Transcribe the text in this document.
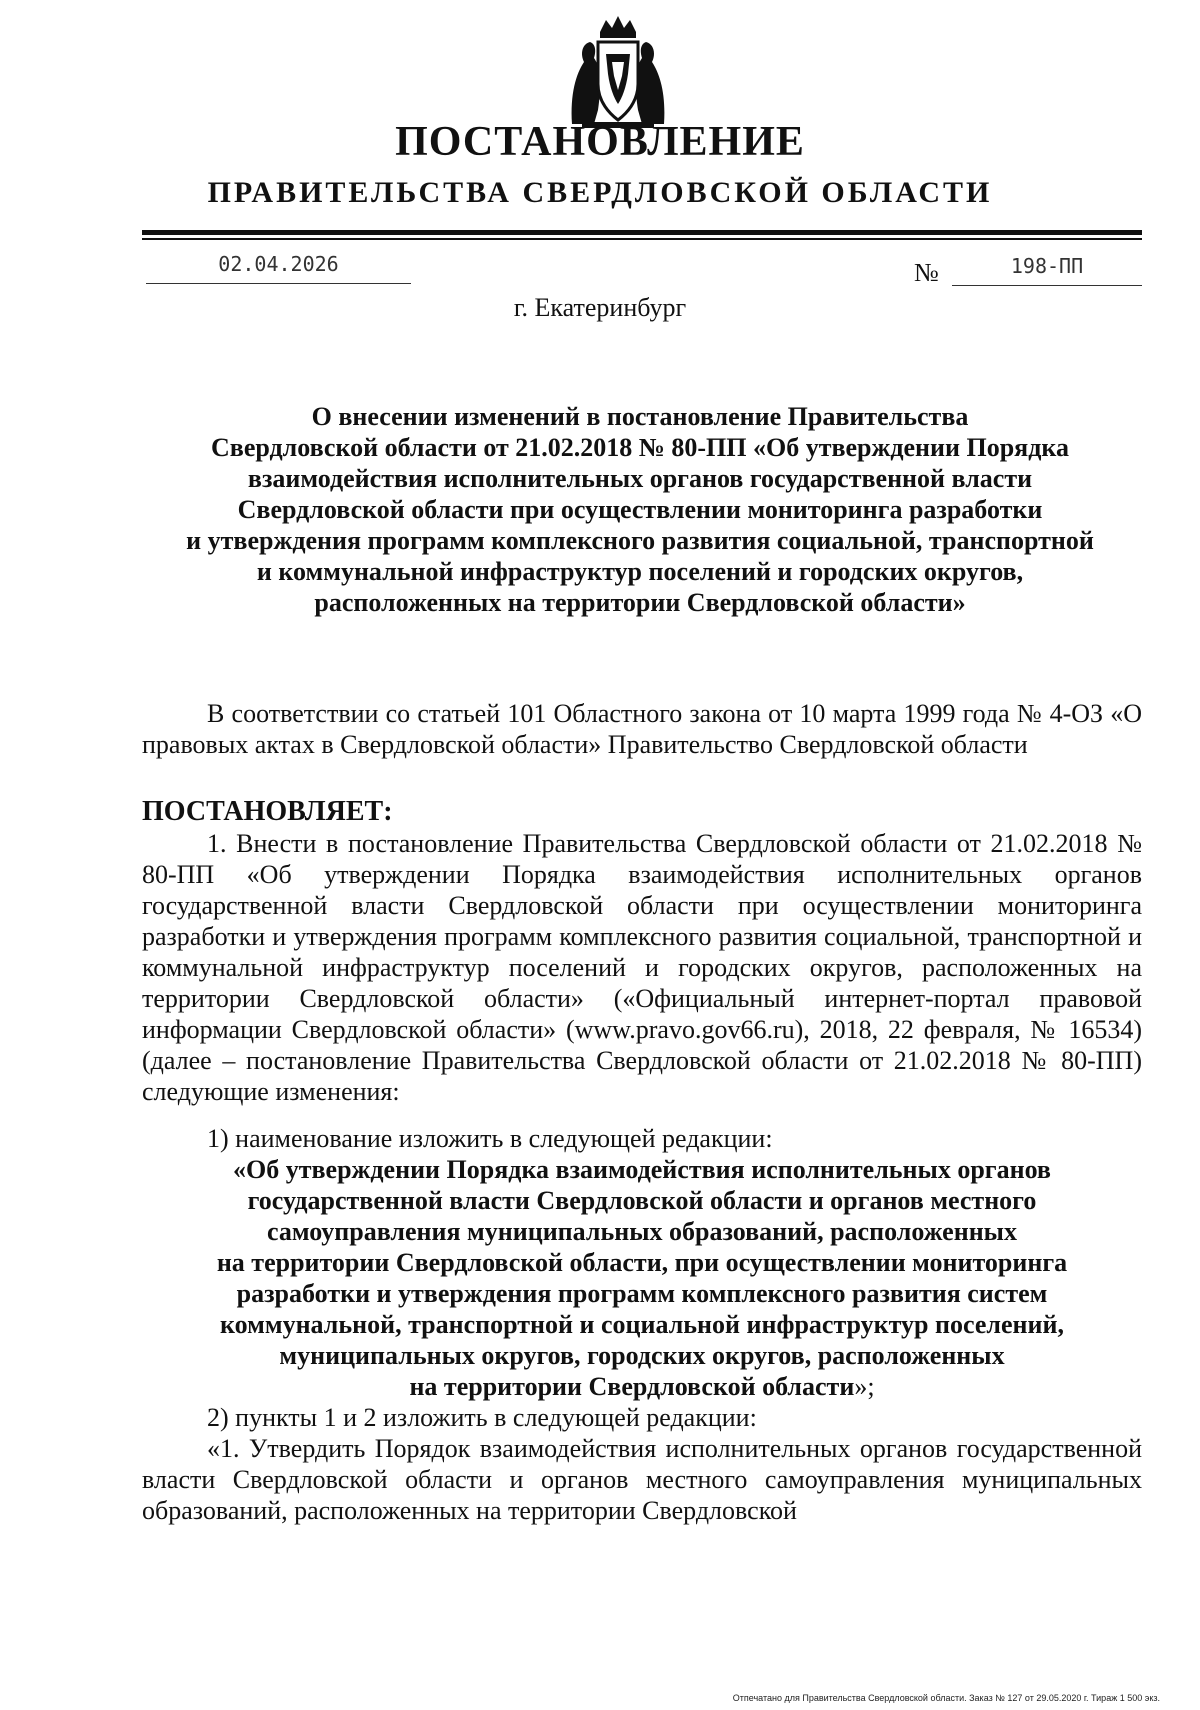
ПОСТАНОВЛЕНИЕ
ПРАВИТЕЛЬСТВА СВЕРДЛОВСКОЙ ОБЛАСТИ
02.04.2026	№	198-ПП
г. Екатеринбург
О внесении изменений в постановление Правительства
Свердловской области от 21.02.2018 № 80-ПП «Об утверждении Порядка
взаимодействия исполнительных органов государственной власти
Свердловской области при осуществлении мониторинга разработки
и утверждения программ комплексного развития социальной, транспортной
и коммунальной инфраструктур поселений и городских округов,
расположенных на территории Свердловской области»

В соответствии со статьей 101 Областного закона от 10 марта 1999 года № 4-ОЗ «О правовых актах в Свердловской области» Правительство Свердловской области

ПОСТАНОВЛЯЕТ:

1. Внести в постановление Правительства Свердловской области от 21.02.2018 № 80-ПП «Об утверждении Порядка взаимодействия исполнительных органов государственной власти Свердловской области при осуществлении мониторинга разработки и утверждения программ комплексного развития социальной, транспортной и коммунальной инфраструктур поселений и городских округов, расположенных на территории Свердловской области» («Официальный интернет-портал правовой информации Свердловской области» (www.pravo.gov66.ru), 2018, 22 февраля, № 16534) (далее – постановление Правительства Свердловской области от 21.02.2018 № 80-ПП) следующие изменения:

1) наименование изложить в следующей редакции:

«Об утверждении Порядка взаимодействия исполнительных органов
государственной власти Свердловской области и органов местного
самоуправления муниципальных образований, расположенных
на территории Свердловской области, при осуществлении мониторинга
разработки и утверждения программ комплексного развития систем
коммунальной, транспортной и социальной инфраструктур поселений,
муниципальных округов, городских округов, расположенных
на территории Свердловской области»;

2) пункты 1 и 2 изложить в следующей редакции:

«1. Утвердить Порядок взаимодействия исполнительных органов государственной власти Свердловской области и органов местного самоуправления муниципальных образований, расположенных на территории Свердловской

Отпечатано для Правительства Свердловской области. Заказ № 127 от 29.05.2020 г. Тираж 1 500 экз.
